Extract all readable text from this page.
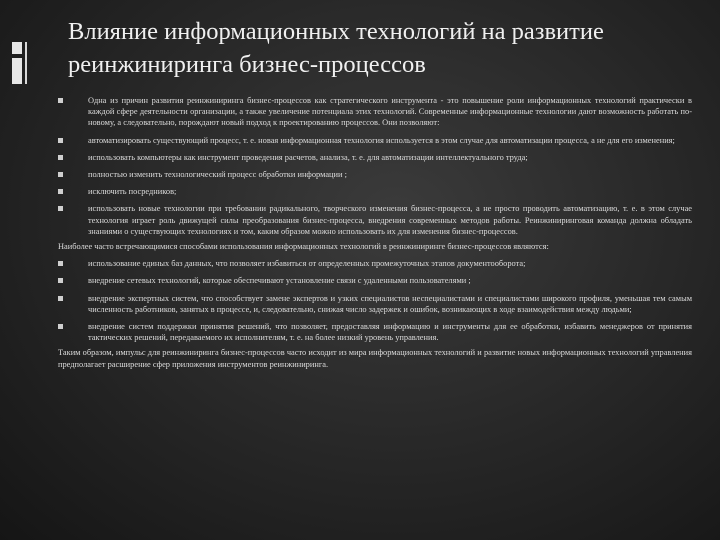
Влияние информационных технологий на развитие реинжиниринга бизнес-процессов
Одна из причин развития реинжиниринга бизнес-процессов как стратегического инструмента - это повышение роли информационных технологий практически в каждой сфере деятельности организации, а также увеличение потенциала этих технологий. Современные информационные технологии дают возможность работать по-новому, а следовательно, порождают новый подход к проектированию процессов. Они позволяют:
автоматизировать существующий процесс, т. е. новая информационная технология используется в этом случае для автоматизации процесса, а не для его изменения;
использовать компьютеры как инструмент проведения расчетов, анализа, т. е. для автоматизации интеллектуального труда;
полностью изменить технологический процесс обработки информации ;
исключить посредников;
использовать новые технологии при требовании радикального, творческого изменения бизнес-процесса, а не просто проводить автоматизацию, т. е. в этом случае технология играет роль движущей силы преобразования бизнес-процесса, внедрения современных методов работы. Реинжиниринговая команда должна обладать знаниями о существующих технологиях и том, каким образом можно использовать их для изменения бизнес-процессов.
Наиболее часто встречающимися способами использования информационных технологий в реинжиниринге бизнес-процессов являются:
использование единых баз данных, что позволяет избавиться от определенных промежуточных этапов документооборота;
внедрение сетевых технологий, которые обеспечивают установление связи с удаленными пользователями ;
внедрение экспертных систем, что способствует замене экспертов и узких специалистов неспециалистами и специалистами широкого профиля, уменьшая тем самым численность работников, занятых в процессе, и, следовательно, снижая число задержек и ошибок, возникающих в ходе взаимодействия между людьми;
внедрение систем поддержки принятия решений, что позволяет, предоставляя информацию и инструменты для ее обработки, избавить менеджеров от принятия тактических решений, передаваемого их исполнителям, т. е. на более низкий уровень управления.
Таким образом, импульс для реинжиниринга бизнес-процессов часто исходит из мира информационных технологий и развитие новых информационных технологий управления предполагает расширение сфер приложения инструментов реинжиниринга.
